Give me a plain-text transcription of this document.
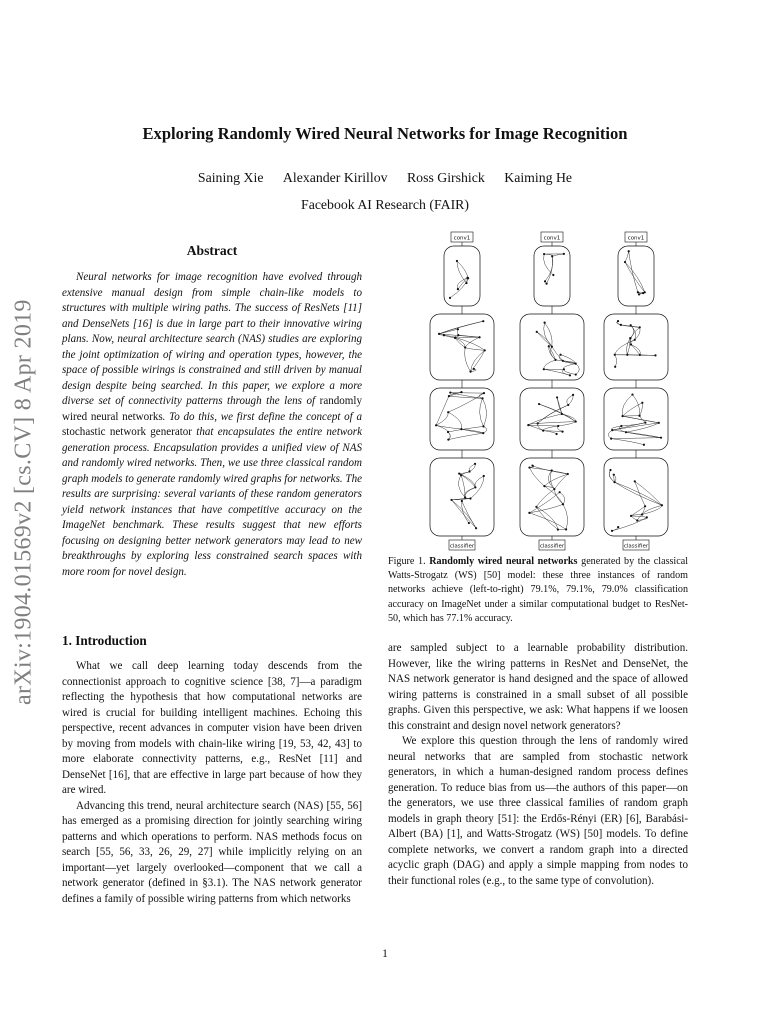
Exploring Randomly Wired Neural Networks for Image Recognition
Saining Xie Alexander Kirillov Ross Girshick Kaiming He
Facebook AI Research (FAIR)
arXiv:1904.01569v2 [cs.CV] 8 Apr 2019
Abstract

Neural networks for image recognition have evolved through extensive manual design from simple chain-like models to structures with multiple wiring paths. The success of ResNets [11] and DenseNets [16] is due in large part to their innovative wiring plans. Now, neural architecture search (NAS) studies are exploring the joint optimization of wiring and operation types, however, the space of possible wirings is constrained and still driven by manual design despite being searched. In this paper, we explore a more diverse set of connectivity patterns through the lens of randomly wired neural networks. To do this, we first define the concept of a stochastic network generator that encapsulates the entire network generation process. Encapsulation provides a unified view of NAS and randomly wired networks. Then, we use three classical random graph models to generate randomly wired graphs for networks. The results are surprising: several variants of these random generators yield network instances that have competitive accuracy on the ImageNet benchmark. These results suggest that new efforts focusing on designing better network generators may lead to new breakthroughs by exploring less constrained search spaces with more room for novel design.

1. Introduction

What we call deep learning today descends from the connectionist approach to cognitive science [38, 7]—a paradigm reflecting the hypothesis that how computational networks are wired is crucial for building intelligent machines. Echoing this perspective, recent advances in computer vision have been driven by moving from models with chain-like wiring [19, 53, 42, 43] to more elaborate connectivity patterns, e.g., ResNet [11] and DenseNet [16], that are effective in large part because of how they are wired.

Advancing this trend, neural architecture search (NAS) [55, 56] has emerged as a promising direction for jointly searching wiring patterns and which operations to perform. NAS methods focus on search [55, 56, 33, 26, 29, 27] while implicitly relying on an important—yet largely overlooked—component that we call a network generator (defined in §3.1). The NAS network generator defines a family of possible wiring patterns from which networks

conv1
classifier
conv1
classifier
conv1
classifier
Figure 1. Randomly wired neural networks generated by the classical Watts-Strogatz (WS) [50] model: these three instances of random networks achieve (left-to-right) 79.1%, 79.1%, 79.0% classification accuracy on ImageNet under a similar computational budget to ResNet-50, which has 77.1% accuracy.

are sampled subject to a learnable probability distribution. However, like the wiring patterns in ResNet and DenseNet, the NAS network generator is hand designed and the space of allowed wiring patterns is constrained in a small subset of all possible graphs. Given this perspective, we ask: What happens if we loosen this constraint and design novel network generators?

We explore this question through the lens of randomly wired neural networks that are sampled from stochastic network generators, in which a human-designed random process defines generation. To reduce bias from us—the authors of this paper—on the generators, we use three classical families of random graph models in graph theory [51]: the Erdős-Rényi (ER) [6], Barabási-Albert (BA) [1], and Watts-Strogatz (WS) [50] models. To define complete networks, we convert a random graph into a directed acyclic graph (DAG) and apply a simple mapping from nodes to their functional roles (e.g., to the same type of convolution).

1
